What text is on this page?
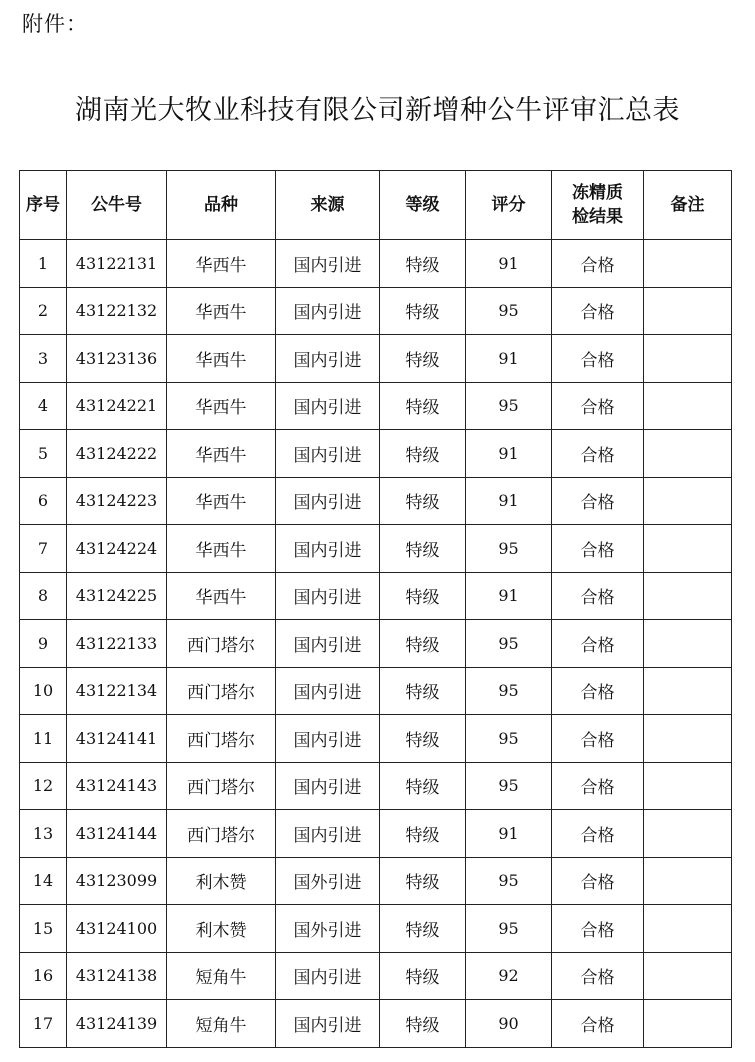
附件：
湖南光大牧业科技有限公司新增种公牛评审汇总表
序号	公牛号	品种	来源	等级	评分	冻精质检结果	备注
1	43122131	华西牛	国内引进	特级	91	合格	
2	43122132	华西牛	国内引进	特级	95	合格	
3	43123136	华西牛	国内引进	特级	91	合格	
4	43124221	华西牛	国内引进	特级	95	合格	
5	43124222	华西牛	国内引进	特级	91	合格	
6	43124223	华西牛	国内引进	特级	91	合格	
7	43124224	华西牛	国内引进	特级	95	合格	
8	43124225	华西牛	国内引进	特级	91	合格	
9	43122133	西门塔尔	国内引进	特级	95	合格	
10	43122134	西门塔尔	国内引进	特级	95	合格	
11	43124141	西门塔尔	国内引进	特级	95	合格	
12	43124143	西门塔尔	国内引进	特级	95	合格	
13	43124144	西门塔尔	国内引进	特级	91	合格	
14	43123099	利木赞	国外引进	特级	95	合格	
15	43124100	利木赞	国外引进	特级	95	合格	
16	43124138	短角牛	国内引进	特级	92	合格	
17	43124139	短角牛	国内引进	特级	90	合格	
